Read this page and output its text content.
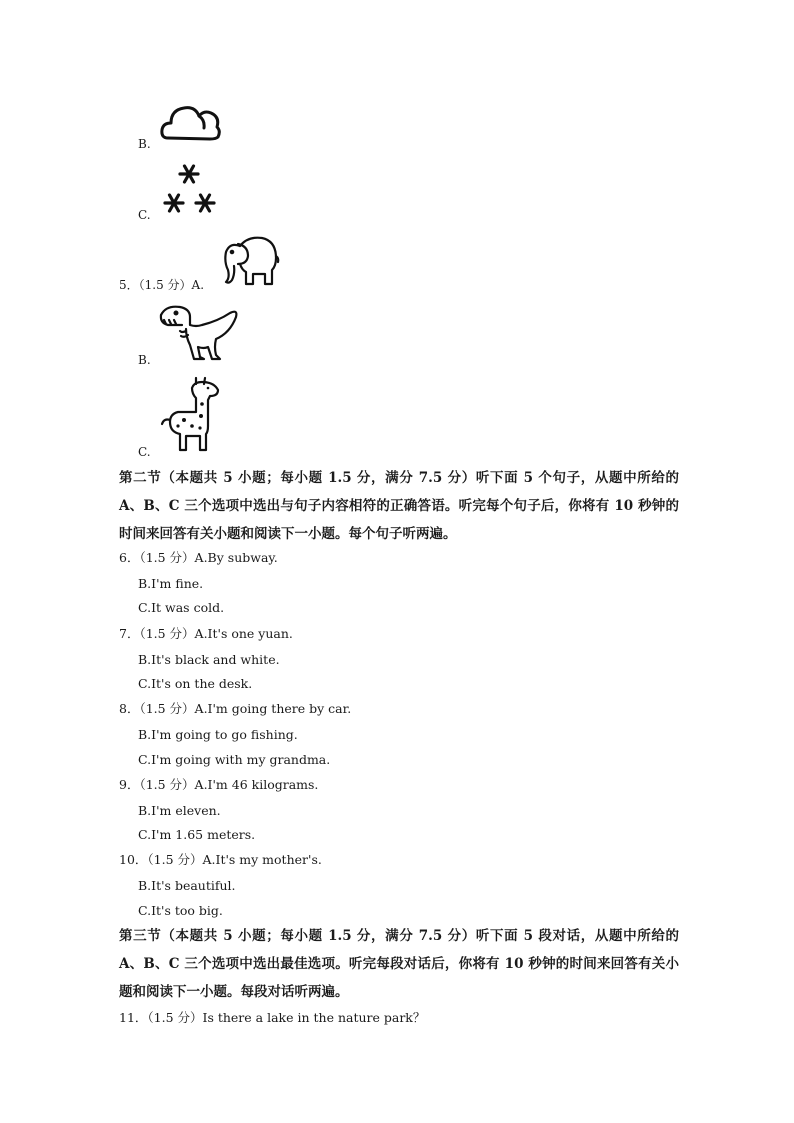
B.
C.
5．（1.5 分）A.
B.
C.
第二节（本题共 5 小题；每小题 1.5 分，满分 7.5 分）听下面 5 个句子，从题中所给的 A、B、C 三个选项中选出与句子内容相符的正确答语。听完每个句子后，你将有 10 秒钟的时间来回答有关小题和阅读下一小题。每个句子听两遍。
6．（1.5 分）A.By subway.
B.I'm fine.
C.It was cold.
7．（1.5 分）A.It's one yuan.
B.It's black and white.
C.It's on the desk.
8．（1.5 分）A.I'm going there by car.
B.I'm going to go fishing.
C.I'm going with my grandma.
9．（1.5 分）A.I'm 46 kilograms.
B.I'm eleven.
C.I'm 1.65 meters.
10．（1.5 分）A.It's my mother's.
B.It's beautiful.
C.It's too big.
第三节（本题共 5 小题；每小题 1.5 分，满分 7.5 分）听下面 5 段对话，从题中所给的 A、B、C 三个选项中选出最佳选项。听完每段对话后，你将有 10 秒钟的时间来回答有关小题和阅读下一小题。每段对话听两遍。
11．（1.5 分）Is there a lake in the nature park？
